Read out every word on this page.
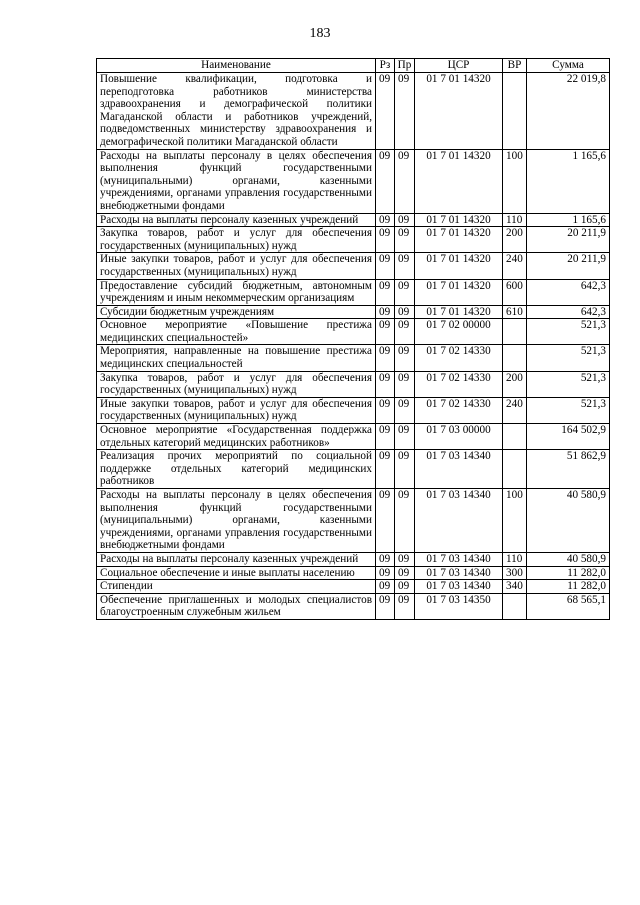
183
Наименование	Рз	Пр	ЦСР	ВР	Сумма
Повышение квалификации, подготовка и переподготовка работников министерства здравоохранения и демографической политики Магаданской области и работников учреждений, подведомственных министерству здравоохранения и демографической политики Магаданской области	09	09	01 7 01 14320		22 019,8
Расходы на выплаты персоналу в целях обеспечения выполнения функций государственными (муниципальными) органами, казенными учреждениями, органами управления государственными внебюджетными фондами	09	09	01 7 01 14320	100	1 165,6
Расходы на выплаты персоналу казенных учреждений	09	09	01 7 01 14320	110	1 165,6
Закупка товаров, работ и услуг для обеспечения государственных (муниципальных) нужд	09	09	01 7 01 14320	200	20 211,9
Иные закупки товаров, работ и услуг для обеспечения государственных (муниципальных) нужд	09	09	01 7 01 14320	240	20 211,9
Предоставление субсидий бюджетным, автономным учреждениям и иным некоммерческим организациям	09	09	01 7 01 14320	600	642,3
Субсидии бюджетным учреждениям	09	09	01 7 01 14320	610	642,3
Основное мероприятие «Повышение престижа медицинских специальностей»	09	09	01 7 02 00000		521,3
Мероприятия, направленные на повышение престижа медицинских специальностей	09	09	01 7 02 14330		521,3
Закупка товаров, работ и услуг для обеспечения государственных (муниципальных) нужд	09	09	01 7 02 14330	200	521,3
Иные закупки товаров, работ и услуг для обеспечения государственных (муниципальных) нужд	09	09	01 7 02 14330	240	521,3
Основное мероприятие «Государственная поддержка отдельных категорий медицинских работников»	09	09	01 7 03 00000		164 502,9
Реализация прочих мероприятий по социальной поддержке отдельных категорий медицинских работников	09	09	01 7 03 14340		51 862,9
Расходы на выплаты персоналу в целях обеспечения выполнения функций государственными (муниципальными) органами, казенными учреждениями, органами управления государственными внебюджетными фондами	09	09	01 7 03 14340	100	40 580,9
Расходы на выплаты персоналу казенных учреждений	09	09	01 7 03 14340	110	40 580,9
Социальное обеспечение и иные выплаты населению	09	09	01 7 03 14340	300	11 282,0
Стипендии	09	09	01 7 03 14340	340	11 282,0
Обеспечение приглашенных и молодых специалистов благоустроенным служебным жильем	09	09	01 7 03 14350		68 565,1
